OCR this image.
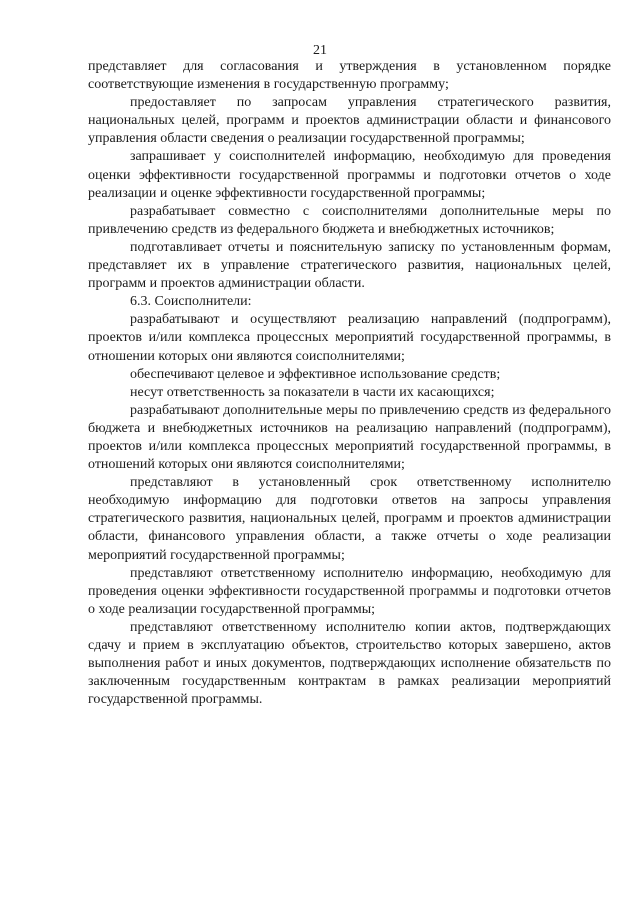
21

представляет для согласования и утверждения в установленном порядке соответствующие изменения в государственную программу;

предоставляет по запросам управления стратегического развития, национальных целей, программ и проектов администрации области и финансового управления области сведения о реализации государственной программы;

запрашивает у соисполнителей информацию, необходимую для проведения оценки эффективности государственной программы и подготовки отчетов о ходе реализации и оценке эффективности государственной программы;

разрабатывает совместно с соисполнителями дополнительные меры по привлечению средств из федерального бюджета и внебюджетных источников;

подготавливает отчеты и пояснительную записку по установленным формам, представляет их в управление стратегического развития, национальных целей, программ и проектов администрации области.

6.3. Соисполнители:

разрабатывают и осуществляют реализацию направлений (подпрограмм), проектов и/или комплекса процессных мероприятий государственной программы, в отношении которых они являются соисполнителями;

обеспечивают целевое и эффективное использование средств;

несут ответственность за показатели в части их касающихся;

разрабатывают дополнительные меры по привлечению средств из федерального бюджета и внебюджетных источников на реализацию направлений (подпрограмм), проектов и/или комплекса процессных мероприятий государственной программы, в отношений которых они являются соисполнителями;

представляют в установленный срок ответственному исполнителю необходимую информацию для подготовки ответов на запросы управления стратегического развития, национальных целей, программ и проектов администрации области, финансового управления области, а также отчеты о ходе реализации мероприятий государственной программы;

представляют ответственному исполнителю информацию, необходимую для проведения оценки эффективности государственной программы и подготовки отчетов о ходе реализации государственной программы;

представляют ответственному исполнителю копии актов, подтверждающих сдачу и прием в эксплуатацию объектов, строительство которых завершено, актов выполнения работ и иных документов, подтверждающих исполнение обязательств по заключенным государственным контрактам в рамках реализации мероприятий государственной программы.
